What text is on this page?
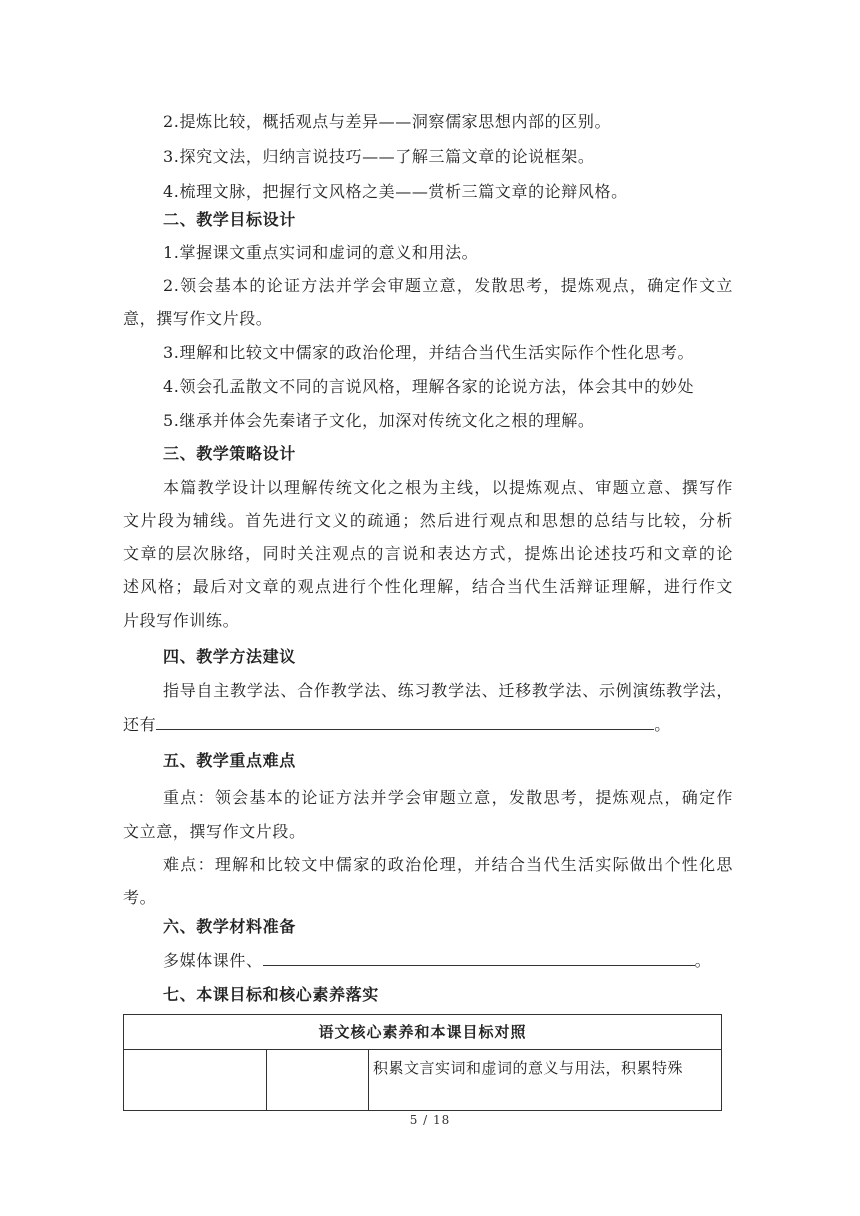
2.提炼比较，概括观点与差异——洞察儒家思想内部的区别。
3.探究文法，归纳言说技巧——了解三篇文章的论说框架。
4.梳理文脉，把握行文风格之美——赏析三篇文章的论辩风格。
二、教学目标设计
1.掌握课文重点实词和虚词的意义和用法。
2.领会基本的论证方法并学会审题立意，发散思考，提炼观点，确定作文立
意，撰写作文片段。
3.理解和比较文中儒家的政治伦理，并结合当代生活实际作个性化思考。
4.领会孔孟散文不同的言说风格，理解各家的论说方法，体会其中的妙处
5.继承并体会先秦诸子文化，加深对传统文化之根的理解。
三、教学策略设计
本篇教学设计以理解传统文化之根为主线，以提炼观点、审题立意、撰写作
文片段为辅线。首先进行文义的疏通；然后进行观点和思想的总结与比较，分析
文章的层次脉络，同时关注观点的言说和表达方式，提炼出论述技巧和文章的论
述风格；最后对文章的观点进行个性化理解，结合当代生活辩证理解，进行作文
片段写作训练。
四、教学方法建议
指导自主教学法、合作教学法、练习教学法、迁移教学法、示例演练教学法，
还有	。
五、教学重点难点
重点：领会基本的论证方法并学会审题立意，发散思考，提炼观点，确定作
文立意，撰写作文片段。
难点：理解和比较文中儒家的政治伦理，并结合当代生活实际做出个性化思
考。
六、教学材料准备
多媒体课件、	。
七、本课目标和核心素养落实
语文核心素养和本课目标对照
		积累文言实词和虚词的意义与用法，积累特殊
5 / 18
